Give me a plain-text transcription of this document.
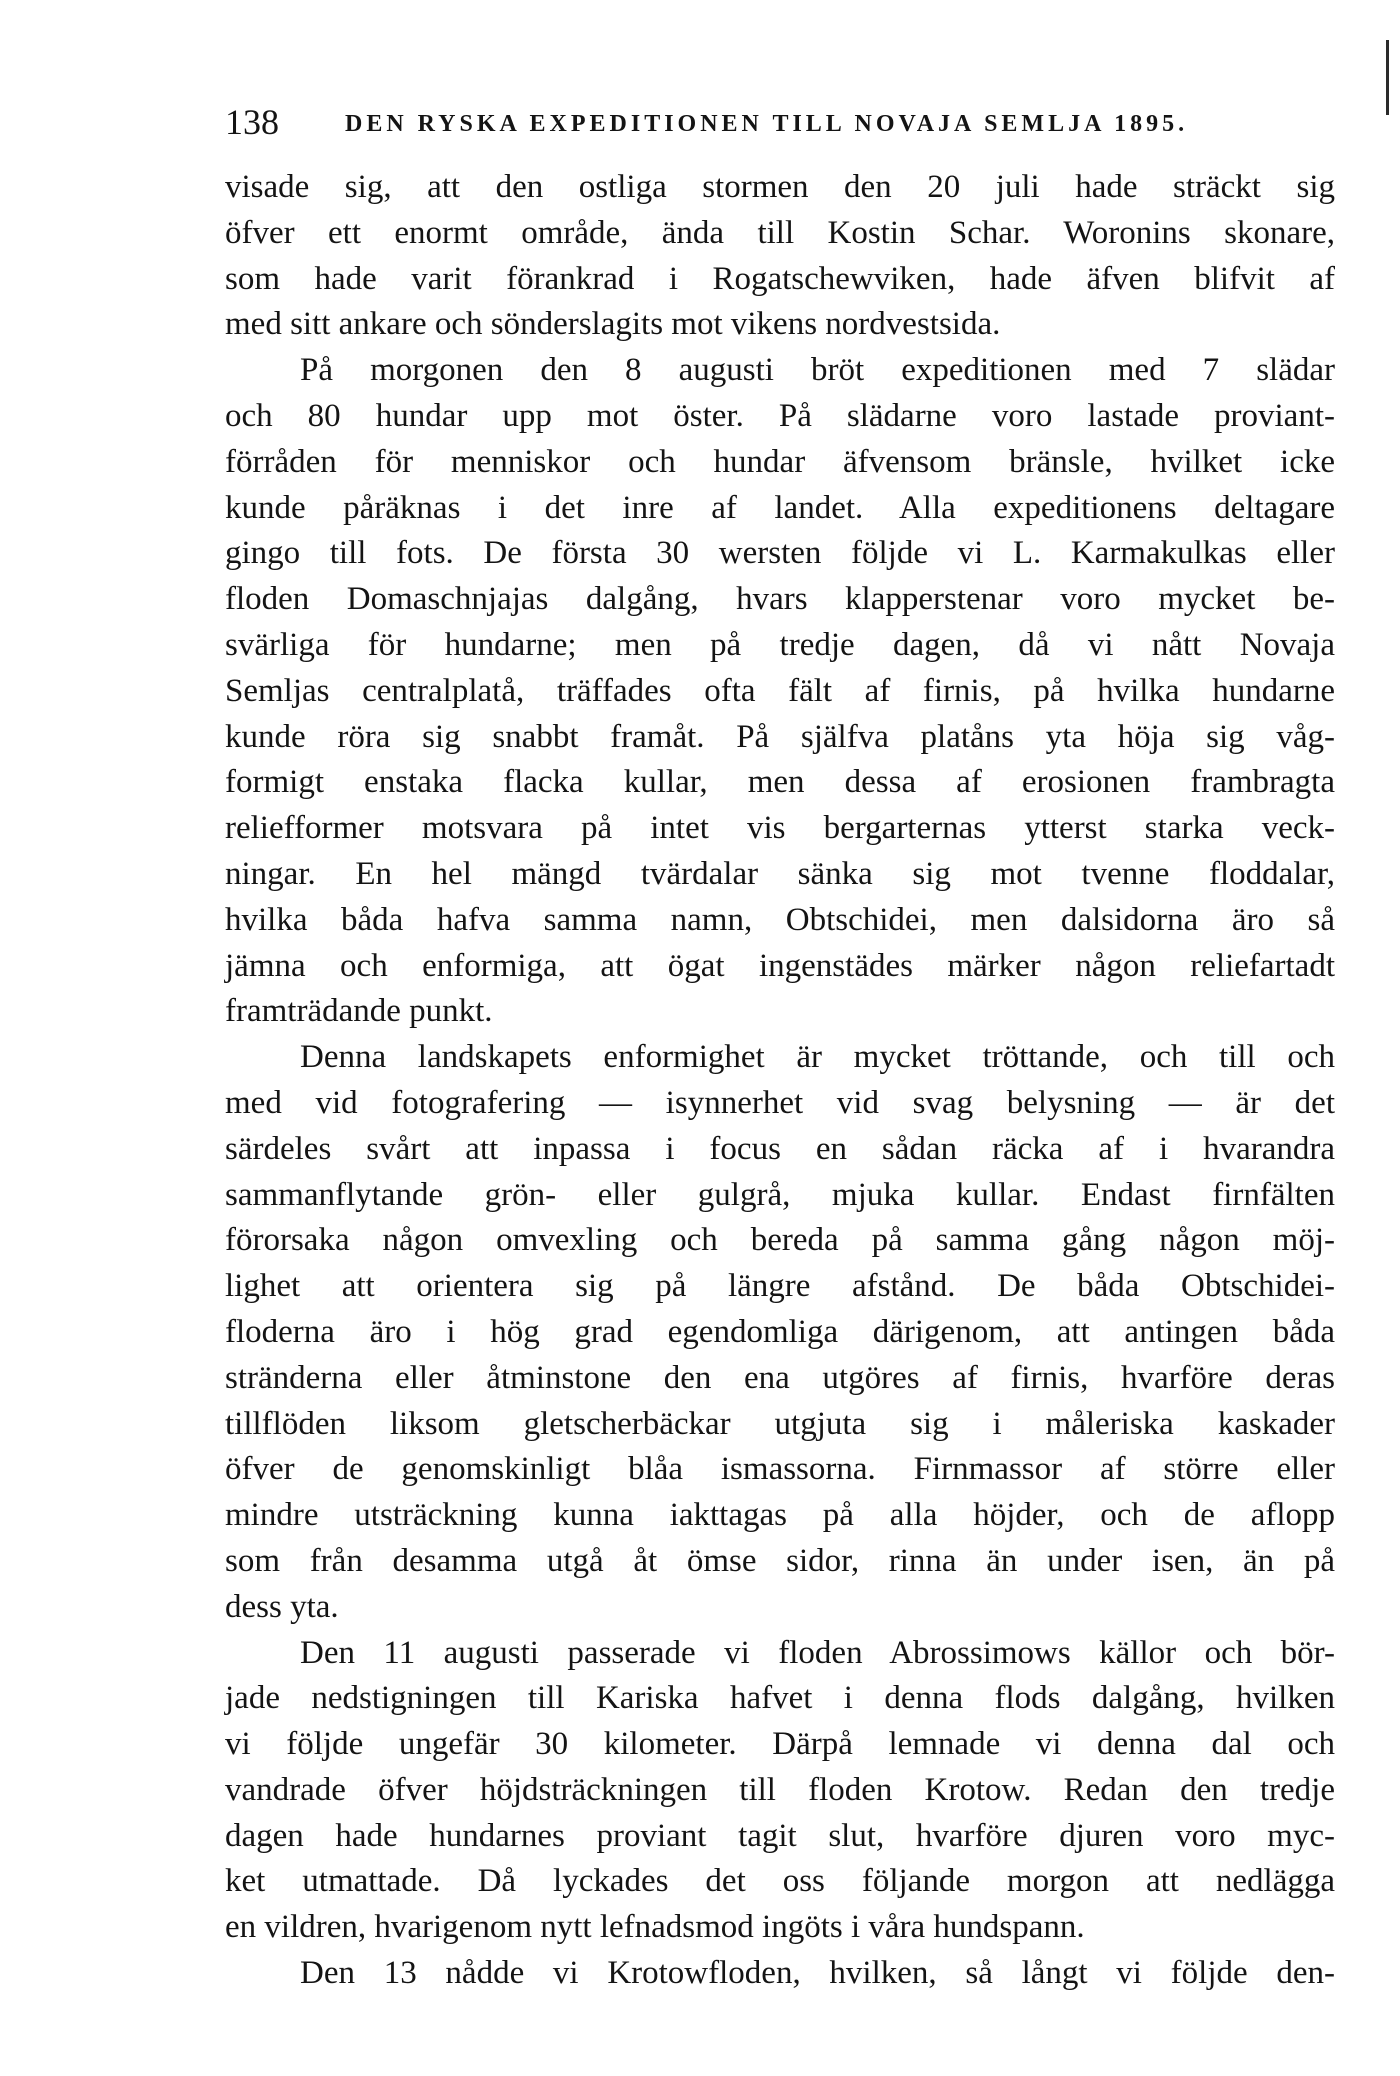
138	DEN RYSKA EXPEDITIONEN TILL NOVAJA SEMLJA 1895.
visade sig, att den ostliga stormen den 20 juli hade sträckt sig
öfver ett enormt område, ända till Kostin Schar. Woronins skonare,
som hade varit förankrad i Rogatschewviken, hade äfven blifvit af
med sitt ankare och sönderslagits mot vikens nordvestsida.
På morgonen den 8 augusti bröt expeditionen med 7 slädar
och 80 hundar upp mot öster. På slädarne voro lastade proviant-
förråden för menniskor och hundar äfvensom bränsle, hvilket icke
kunde påräknas i det inre af landet. Alla expeditionens deltagare
gingo till fots. De första 30 wersten följde vi L. Karmakulkas eller
floden Domaschnjajas dalgång, hvars klapperstenar voro mycket be-
svärliga för hundarne; men på tredje dagen, då vi nått Novaja
Semljas centralplatå, träffades ofta fält af firnis, på hvilka hundarne
kunde röra sig snabbt framåt. På själfva platåns yta höja sig våg-
formigt enstaka flacka kullar, men dessa af erosionen frambragta
reliefformer motsvara på intet vis bergarternas ytterst starka veck-
ningar. En hel mängd tvärdalar sänka sig mot tvenne floddalar,
hvilka båda hafva samma namn, Obtschidei, men dalsidorna äro så
jämna och enformiga, att ögat ingenstädes märker någon reliefartadt
framträdande punkt.
Denna landskapets enformighet är mycket tröttande, och till och
med vid fotografering — isynnerhet vid svag belysning — är det
särdeles svårt att inpassa i focus en sådan räcka af i hvarandra
sammanflytande grön- eller gulgrå, mjuka kullar. Endast firnfälten
förorsaka någon omvexling och bereda på samma gång någon möj-
lighet att orientera sig på längre afstånd. De båda Obtschidei-
floderna äro i hög grad egendomliga därigenom, att antingen båda
stränderna eller åtminstone den ena utgöres af firnis, hvarföre deras
tillflöden liksom gletscherbäckar utgjuta sig i måleriska kaskader
öfver de genomskinligt blåa ismassorna. Firnmassor af större eller
mindre utsträckning kunna iakttagas på alla höjder, och de aflopp
som från desamma utgå åt ömse sidor, rinna än under isen, än på
dess yta.
Den 11 augusti passerade vi floden Abrossimows källor och bör-
jade nedstigningen till Kariska hafvet i denna flods dalgång, hvilken
vi följde ungefär 30 kilometer. Därpå lemnade vi denna dal och
vandrade öfver höjdsträckningen till floden Krotow. Redan den tredje
dagen hade hundarnes proviant tagit slut, hvarföre djuren voro myc-
ket utmattade. Då lyckades det oss följande morgon att nedlägga
en vildren, hvarigenom nytt lefnadsmod ingöts i våra hundspann.
Den 13 nådde vi Krotowfloden, hvilken, så långt vi följde den-
